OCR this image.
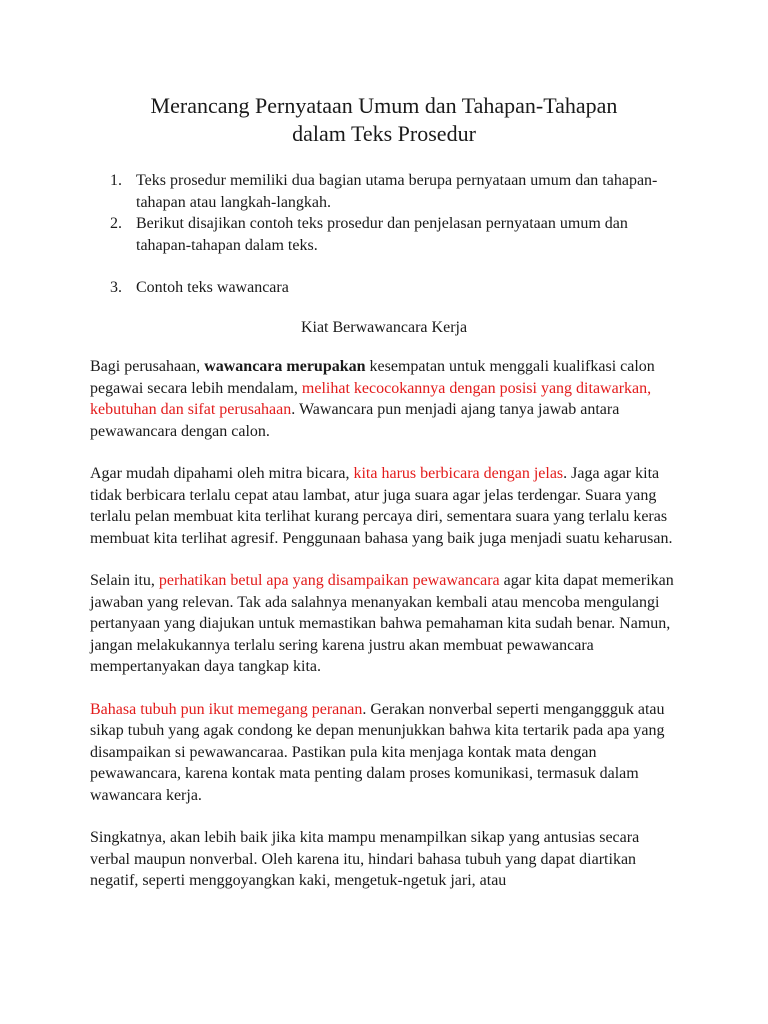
Merancang Pernyataan Umum dan Tahapan-Tahapan
dalam Teks Prosedur
1. Teks prosedur memiliki dua bagian utama berupa pernyataan umum dan tahapan-tahapan atau langkah-langkah.
2. Berikut disajikan contoh teks prosedur dan penjelasan pernyataan umum dan tahapan-tahapan dalam teks.
3. Contoh teks wawancara
Kiat Berwawancara Kerja

Bagi perusahaan, wawancara merupakan kesempatan untuk menggali kualifkasi calon pegawai secara lebih mendalam, melihat kecocokannya dengan posisi yang ditawarkan, kebutuhan dan sifat perusahaan. Wawancara pun menjadi ajang tanya jawab antara pewawancara dengan calon.

Agar mudah dipahami oleh mitra bicara, kita harus berbicara dengan jelas. Jaga agar kita tidak berbicara terlalu cepat atau lambat, atur juga suara agar jelas terdengar. Suara yang terlalu pelan membuat kita terlihat kurang percaya diri, sementara suara yang terlalu keras membuat kita terlihat agresif. Penggunaan bahasa yang baik juga menjadi suatu keharusan.

Selain itu, perhatikan betul apa yang disampaikan pewawancara agar kita dapat memerikan jawaban yang relevan. Tak ada salahnya menanyakan kembali atau mencoba mengulangi pertanyaan yang diajukan untuk memastikan bahwa pemahaman kita sudah benar. Namun, jangan melakukannya terlalu sering karena justru akan membuat pewawancara mempertanyakan daya tangkap kita.

Bahasa tubuh pun ikut memegang peranan. Gerakan nonverbal seperti menganggguk atau sikap tubuh yang agak condong ke depan menunjukkan bahwa kita tertarik pada apa yang disampaikan si pewawancaraa. Pastikan pula kita menjaga kontak mata dengan pewawancara, karena kontak mata penting dalam proses komunikasi, termasuk dalam wawancara kerja.

Singkatnya, akan lebih baik jika kita mampu menampilkan sikap yang antusias secara verbal maupun nonverbal. Oleh karena itu, hindari bahasa tubuh yang dapat diartikan negatif, seperti menggoyangkan kaki, mengetuk-ngetuk jari, atau
